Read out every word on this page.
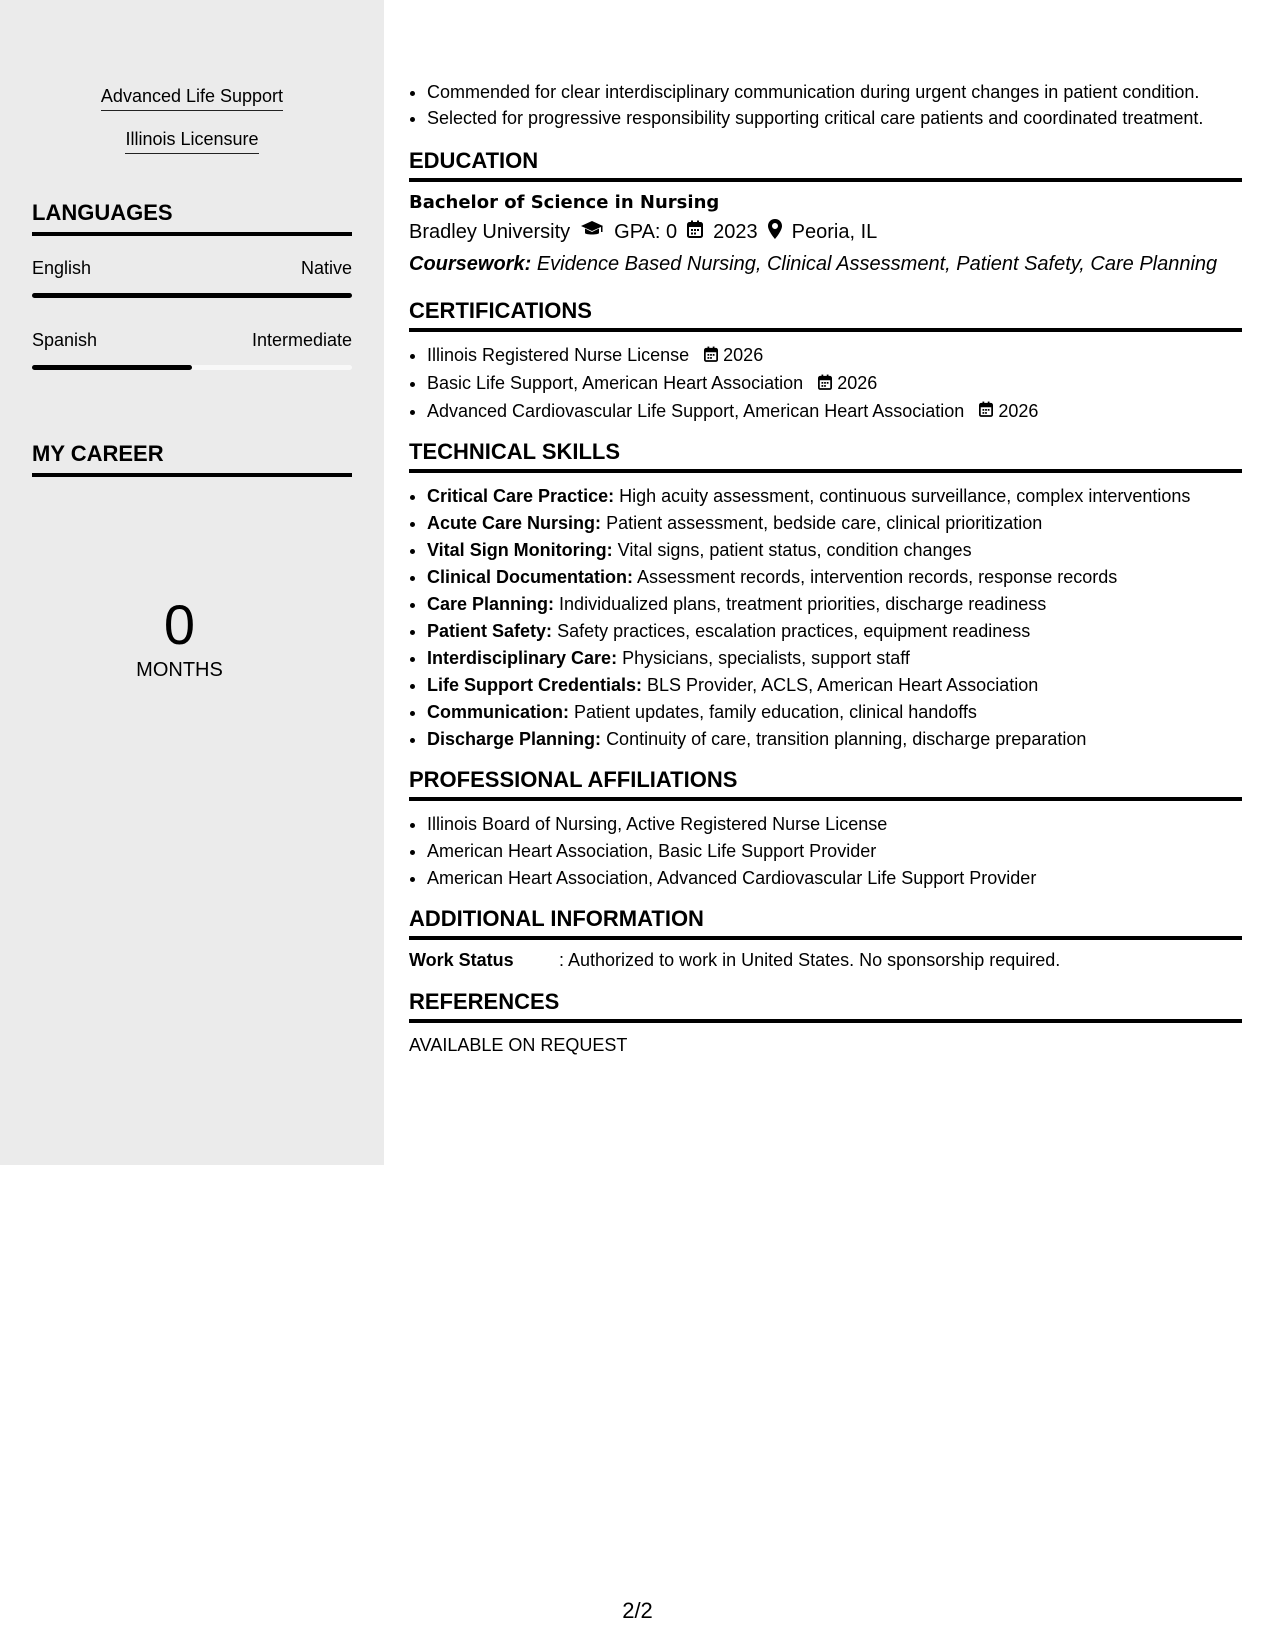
Advanced Life Support
Illinois Licensure
LANGUAGES
English	Native
Spanish	Intermediate
MY CAREER
0
MONTHS
• Commended for clear interdisciplinary communication during urgent changes in patient condition.
• Selected for progressive responsibility supporting critical care patients and coordinated treatment.
EDUCATION
Bachelor of Science in Nursing
Bradley University GPA: 0 2023 Peoria, IL
Coursework: Evidence Based Nursing, Clinical Assessment, Patient Safety, Care Planning
CERTIFICATIONS
• Illinois Registered Nurse License 2026
• Basic Life Support, American Heart Association 2026
• Advanced Cardiovascular Life Support, American Heart Association 2026
TECHNICAL SKILLS
• Critical Care Practice: High acuity assessment, continuous surveillance, complex interventions
• Acute Care Nursing: Patient assessment, bedside care, clinical prioritization
• Vital Sign Monitoring: Vital signs, patient status, condition changes
• Clinical Documentation: Assessment records, intervention records, response records
• Care Planning: Individualized plans, treatment priorities, discharge readiness
• Patient Safety: Safety practices, escalation practices, equipment readiness
• Interdisciplinary Care: Physicians, specialists, support staff
• Life Support Credentials: BLS Provider, ACLS, American Heart Association
• Communication: Patient updates, family education, clinical handoffs
• Discharge Planning: Continuity of care, transition planning, discharge preparation
PROFESSIONAL AFFILIATIONS
• Illinois Board of Nursing, Active Registered Nurse License
• American Heart Association, Basic Life Support Provider
• American Heart Association, Advanced Cardiovascular Life Support Provider
ADDITIONAL INFORMATION
Work Status	: Authorized to work in United States. No sponsorship required.
REFERENCES
AVAILABLE ON REQUEST
2/2
